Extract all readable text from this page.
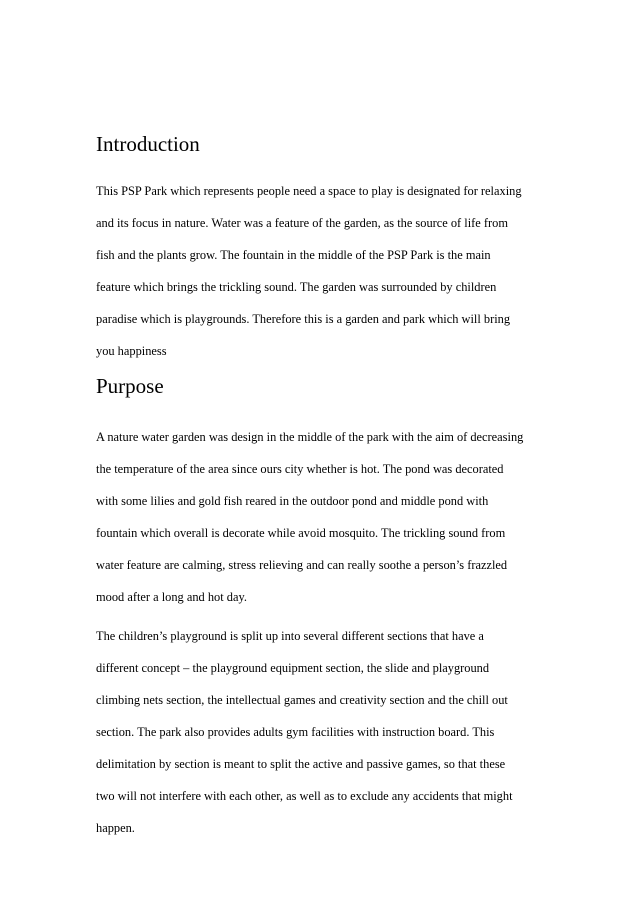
Introduction

This PSP Park which represents people need a space to play is designated for relaxing

and its focus in nature. Water was a feature of the garden, as the source of life from

fish and the plants grow. The fountain in the middle of the PSP Park is the main

feature which brings the trickling sound. The garden was surrounded by children

paradise which is playgrounds. Therefore this is a garden and park which will bring

you happiness

Purpose

A nature water garden was design in the middle of the park with the aim of decreasing

the temperature of the area since ours city whether is hot. The pond was decorated

with some lilies and gold fish reared in the outdoor pond and middle pond with

fountain which overall is decorate while avoid mosquito. The trickling sound from

water feature are calming, stress relieving and can really soothe a person’s frazzled

mood after a long and hot day.

The children’s playground is split up into several different sections that have a

different concept – the playground equipment section, the slide and playground

climbing nets section, the intellectual games and creativity section and the chill out

section. The park also provides adults gym facilities with instruction board. This

delimitation by section is meant to split the active and passive games, so that these

two will not interfere with each other, as well as to exclude any accidents that might

happen.
